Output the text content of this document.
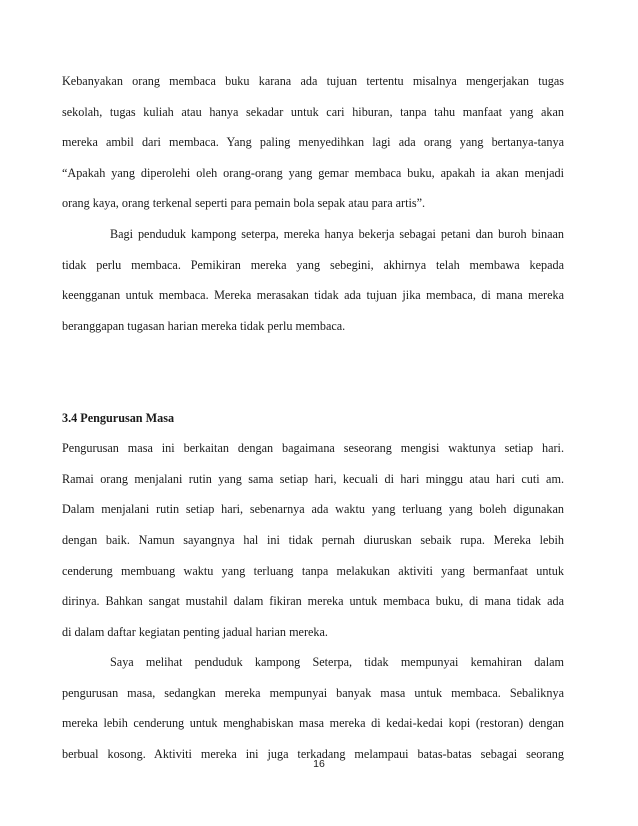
Kebanyakan orang membaca buku karana ada tujuan tertentu misalnya mengerjakan tugas
sekolah, tugas kuliah atau hanya sekadar untuk cari hiburan, tanpa tahu manfaat yang akan
mereka ambil dari membaca. Yang paling menyedihkan lagi ada orang yang bertanya-tanya
“Apakah yang diperolehi oleh orang-orang yang gemar membaca buku, apakah ia akan menjadi
orang kaya, orang terkenal seperti para pemain bola sepak atau para artis”.

Bagi penduduk kampong seterpa, mereka hanya bekerja sebagai petani dan buroh binaan
tidak perlu membaca. Pemikiran mereka yang sebegini, akhirnya telah membawa kepada
keengganan untuk membaca. Mereka merasakan tidak ada tujuan jika membaca, di mana mereka
beranggapan tugasan harian mereka tidak perlu membaca.

3.4 Pengurusan Masa

Pengurusan masa ini berkaitan dengan bagaimana seseorang mengisi waktunya setiap hari.
Ramai orang menjalani rutin yang sama setiap hari, kecuali di hari minggu atau hari cuti am.
Dalam menjalani rutin setiap hari, sebenarnya ada waktu yang terluang yang boleh digunakan
dengan baik. Namun sayangnya hal ini tidak pernah diuruskan sebaik rupa. Mereka lebih
cenderung membuang waktu yang terluang tanpa melakukan aktiviti yang bermanfaat untuk
dirinya. Bahkan sangat mustahil dalam fikiran mereka untuk membaca buku, di mana tidak ada
di dalam daftar kegiatan penting jadual harian mereka.

Saya melihat penduduk kampong Seterpa, tidak mempunyai kemahiran dalam
pengurusan masa, sedangkan mereka mempunyai banyak masa untuk membaca. Sebaliknya
mereka lebih cenderung untuk menghabiskan masa mereka di kedai-kedai kopi (restoran) dengan
berbual kosong. Aktiviti mereka ini juga terkadang melampaui batas-batas sebagai seorang

16
